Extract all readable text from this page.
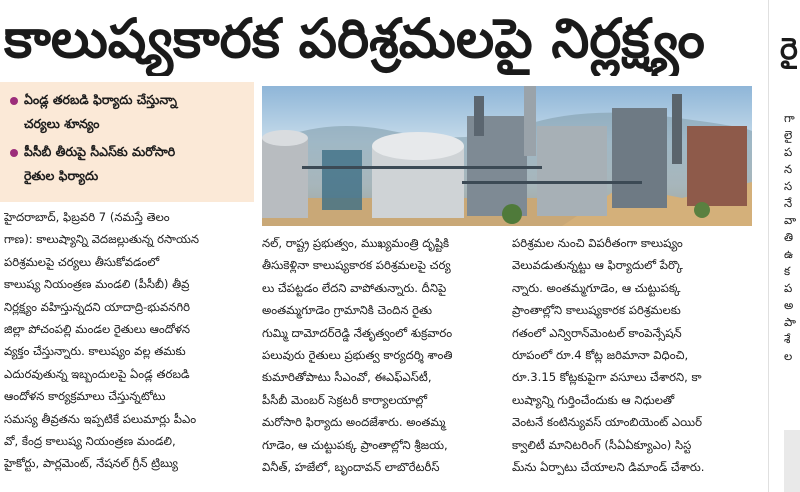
కాలుష్యకారక పరిశ్రమలపై నిర్లక్ష్యం	రై
ఏండ్ల తరబడి ఫిర్యాదు చేస్తున్నా
చర్యలు శూన్యం
పీసీబీ తీరుపై సీఎస్‌కు మరోసారి
రైతుల ఫిర్యాదు

హైదరాబాద్, ఫిబ్రవరి 7 (నమస్తే తెలం

గాణ): కాలుష్యాన్ని వెదజల్లుతున్న రసాయన

పరిశ్రమలపై చర్యలు తీసుకోవడంలో

కాలుష్య నియంత్రణ మండలి (పీసీబీ) తీవ్ర

నిర్లక్ష్యం వహిస్తున్నదని యాదాద్రి-భువనగిరి

జిల్లా పోచంపల్లి మండల రైతులు ఆందోళన

వ్యక్తం చేస్తున్నారు. కాలుష్యం వల్ల తమకు

ఎదురవుతున్న ఇబ్బందులపై ఏండ్ల తరబడి

ఆందోళన కార్యక్రమాలు చేస్తున్నటోటు

సమస్య తీవ్రతను ఇప్పటికే పలుమార్లు పీఎం

వో, కేంద్ర కాలుష్య నియంత్రణ మండలి,

హైకోర్టు, పార్లమెంట్, నేషనల్ గ్రీన్ ట్రిబ్యు

నల్, రాష్ట్ర ప్రభుత్వం, ముఖ్యమంత్రి దృష్టికి

తీసుకెళ్లినా కాలుష్యకారక పరిశ్రమలపై చర్య

లు చేపట్టడం లేదని వాపోతున్నారు. దీనిపై

అంతమ్మగూడెం గ్రామానికి చెందిన రైతు

గుమ్మి దామోదర్‌రెడ్డి నేతృత్వంలో శుక్రవారం

పలువురు రైతులు ప్రభుత్వ కార్యదర్శి శాంతి

కుమారితోపాటు సీఎంవో, ఈఎఫ్ఎస్‌టీ,

పీసీబీ మెంబర్ సెక్రటరీ కార్యాలయాల్లో

మరోసారి ఫిర్యాదు అందజేశారు. అంతమ్మ

గూడెం, ఆ చుట్టుపక్క ప్రాంతాల్లోని శ్రీజయ,

వినీత్, హజేలో, బృందావన్ లాబొరేటరీస్

పరిశ్రమల నుంచి విపరీతంగా కాలుష్యం

వెలువడుతున్నట్టు ఆ ఫిర్యాదులో పేర్కొ

న్నారు. అంతమ్మగూడెం, ఆ చుట్టుపక్క

ప్రాంతాల్లోని కాలుష్యకారక పరిశ్రమలకు

గతంలో ఎన్విరాన్‌మెంటల్ కాంపెన్సేషన్

రూపంలో రూ.4 కోట్ల జరిమానా విధించి,

రూ.3.15 కోట్లకుపైగా వసూలు చేశారని, కా

లుష్యాన్ని గుర్తించేందుకు ఆ నిధులతో

వెంటనే కంటిన్యువస్ యాంబియెంట్ ఎయిర్

క్వాలిటీ మానిటరింగ్ (సీఏఏక్యూఎం) సిస్ట

మ్‌ను ఏర్పాటు చేయాలని డిమాండ్ చేశారు.

గా

లై

ప

న

స

నే

వా

తి

ఉ

క

ప

అ

పా

శే

ల
